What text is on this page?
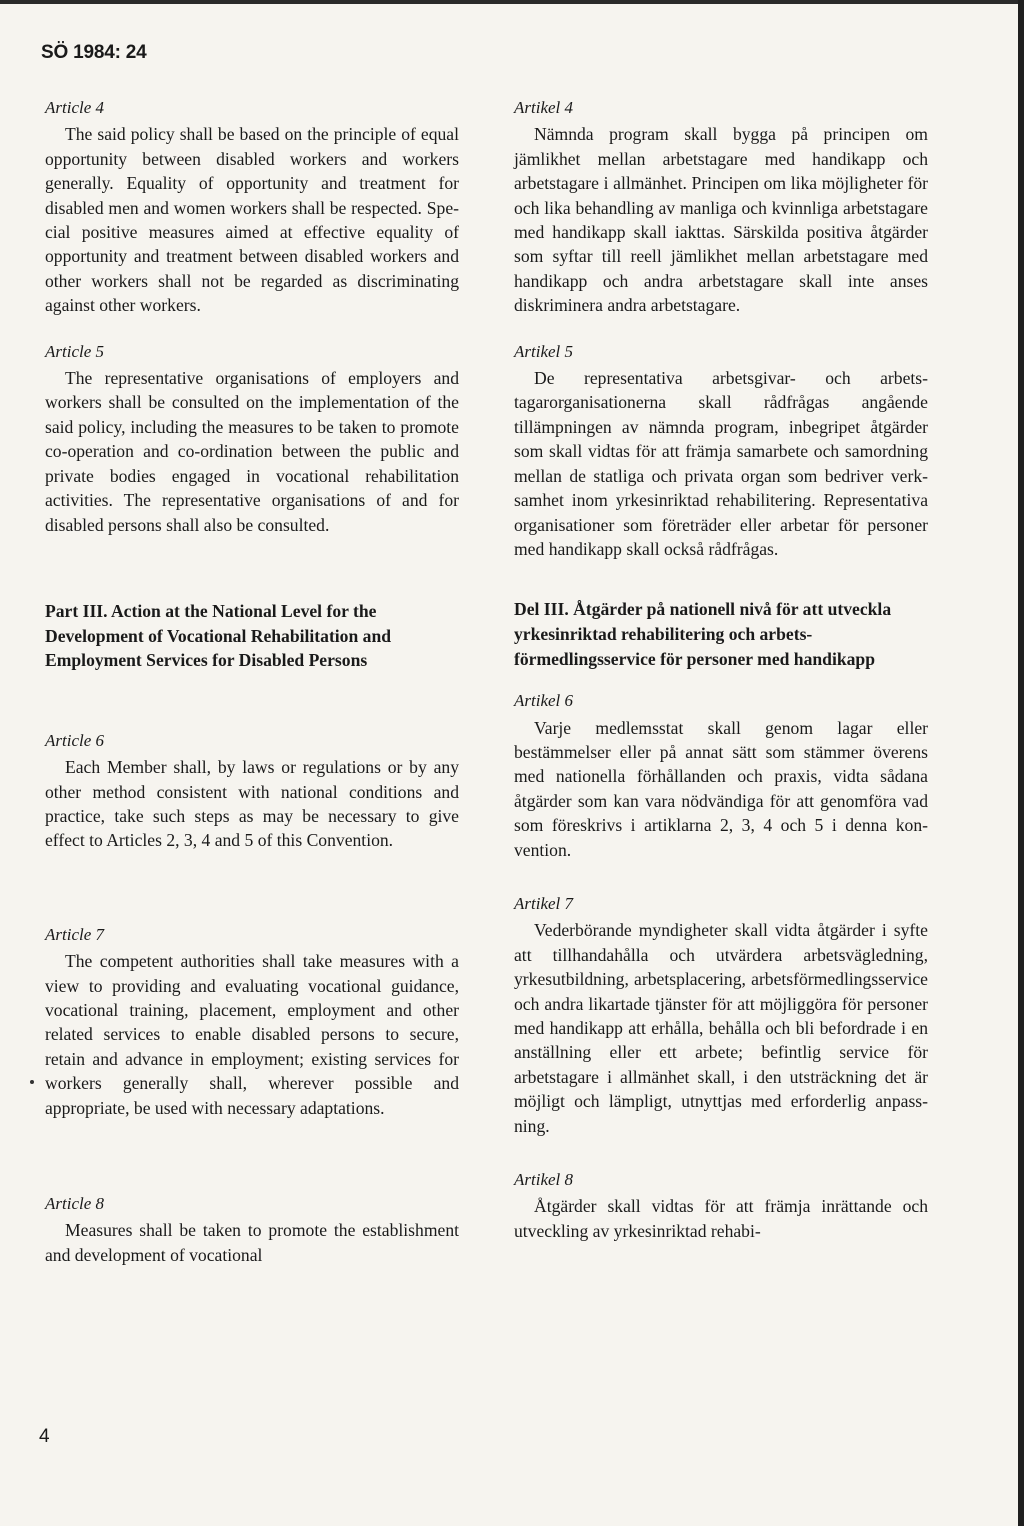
SÖ 1984: 24

Article 4

The said policy shall be based on the principle of equal opportunity between disabled workers and workers generally. Equality of opportunity and treatment for disabled men and women workers shall be respected. Special positive measures aimed at effective equality of opportunity and treatment between disabled workers and other workers shall not be regarded as discriminating against other workers.

Article 5

The representative organisations of employers and workers shall be consulted on the implementation of the said policy, including the measures to be taken to promote co-operation and co-ordination between the public and private bodies engaged in vocational rehabilitation activities. The representative organisations of and for disabled persons shall also be consulted.

Part III. Action at the National Level for the Development of Vocational Rehabilitation and Employment Services for Disabled Persons

Article 6

Each Member shall, by laws or regulations or by any other method consistent with national conditions and practice, take such steps as may be necessary to give effect to Articles 2, 3, 4 and 5 of this Convention.

Article 7

The competent authorities shall take measures with a view to providing and evaluating vocational guidance, vocational training, placement, employment and other related services to enable disabled persons to secure, retain and advance in employment; existing services for workers generally shall, wherever possible and appropriate, be used with necessary adaptations.

Article 8

Measures shall be taken to promote the establishment and development of vocational

Artikel 4

Nämnda program skall bygga på principen om jämlikhet mellan arbetstagare med handikapp och arbetstagare i allmänhet. Principen om lika möjligheter för och lika behandling av manliga och kvinnliga arbetstagare med handikapp skall iakttas. Särskilda positiva åtgärder som syftar till reell jämlikhet mellan arbetstagare med handikapp och andra arbetstagare skall inte anses diskriminera andra arbetstagare.

Artikel 5

De representativa arbetsgivar- och arbetstagarorganisationerna skall rådfrågas angående tillämpningen av nämnda program, inbegripet åtgärder som skall vidtas för att främja samarbete och samordning mellan de statliga och privata organ som bedriver verksamhet inom yrkesinriktad rehabilitering. Representativa organisationer som företräder eller arbetar för personer med handikapp skall också rådfrågas.

Del III. Åtgärder på nationell nivå för att utveckla yrkesinriktad rehabilitering och arbetsförmedlingsservice för personer med handikapp

Artikel 6

Varje medlemsstat skall genom lagar eller bestämmelser eller på annat sätt som stämmer överens med nationella förhållanden och praxis, vidta sådana åtgärder som kan vara nödvändiga för att genomföra vad som föreskrivs i artiklarna 2, 3, 4 och 5 i denna konvention.

Artikel 7

Vederbörande myndigheter skall vidta åtgärder i syfte att tillhandahålla och utvärdera arbetsvägledning, yrkesutbildning, arbetsplacering, arbetsförmedlingsservice och andra likartade tjänster för att möjliggöra för personer med handikapp att erhålla, behålla och bli befordrade i en anställning eller ett arbete; befintlig service för arbetstagare i allmänhet skall, i den utsträckning det är möjligt och lämpligt, utnyttjas med erforderlig anpassning.

Artikel 8

Åtgärder skall vidtas för att främja inrättande och utveckling av yrkesinriktad rehabi-

4
